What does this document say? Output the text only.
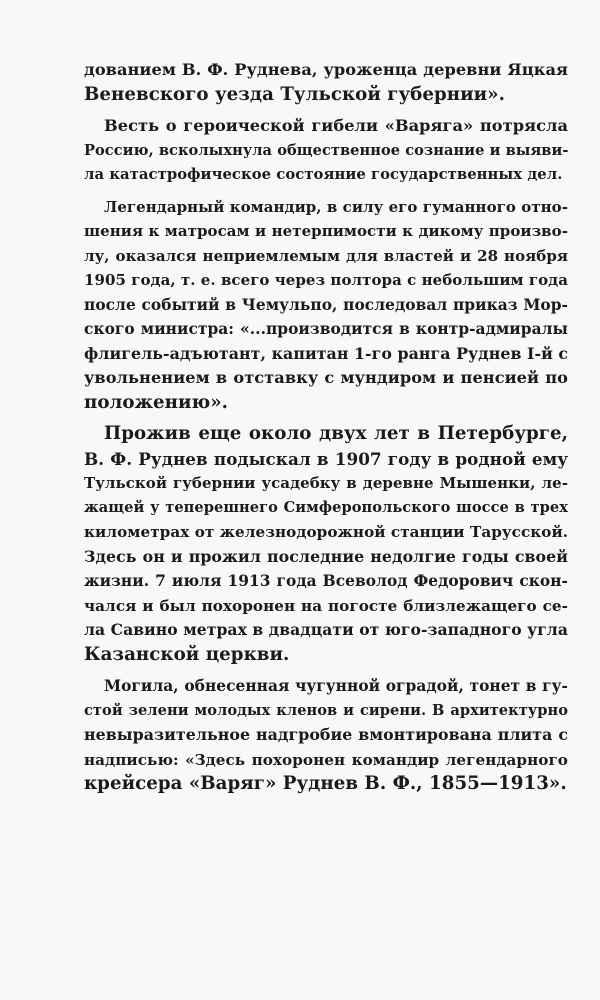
дованием В. Ф. Руднева, уроженца деревни Яцкая
Веневского уезда Тульской губернии».

Весть о героической гибели «Варяга» потрясла
Россию, всколыхнула общественное сознание и выяви-
ла катастрофическое состояние государственных дел.

Легендарный командир, в силу его гуманного отно-
шения к матросам и нетерпимости к дикому произво-
лу, оказался неприемлемым для властей и 28 ноября
1905 года, т. е. всего через полтора с небольшим года
после событий в Чемульпо, последовал приказ Мор-
ского министра: «...производится в контр-адмиралы
флигель-адъютант, капитан 1-го ранга Руднев I-й с
увольнением в отставку с мундиром и пенсией по
положению».

Прожив еще около двух лет в Петербурге,
В. Ф. Руднев подыскал в 1907 году в родной ему
Тульской губернии усадебку в деревне Мышенки, ле-
жащей у теперешнего Симферопольского шоссе в трех
километрах от железнодорожной станции Тарусской.
Здесь он и прожил последние недолгие годы своей
жизни. 7 июля 1913 года Всеволод Федорович скон-
чался и был похоронен на погосте близлежащего се-
ла Савино метрах в двадцати от юго-западного угла
Казанской церкви.

Могила, обнесенная чугунной оградой, тонет в гу-
стой зелени молодых кленов и сирени. В архитектурно
невыразительное надгробие вмонтирована плита с
надписью: «Здесь похоронен командир легендарного
крейсера «Варяг» Руднев В. Ф., 1855—1913».
